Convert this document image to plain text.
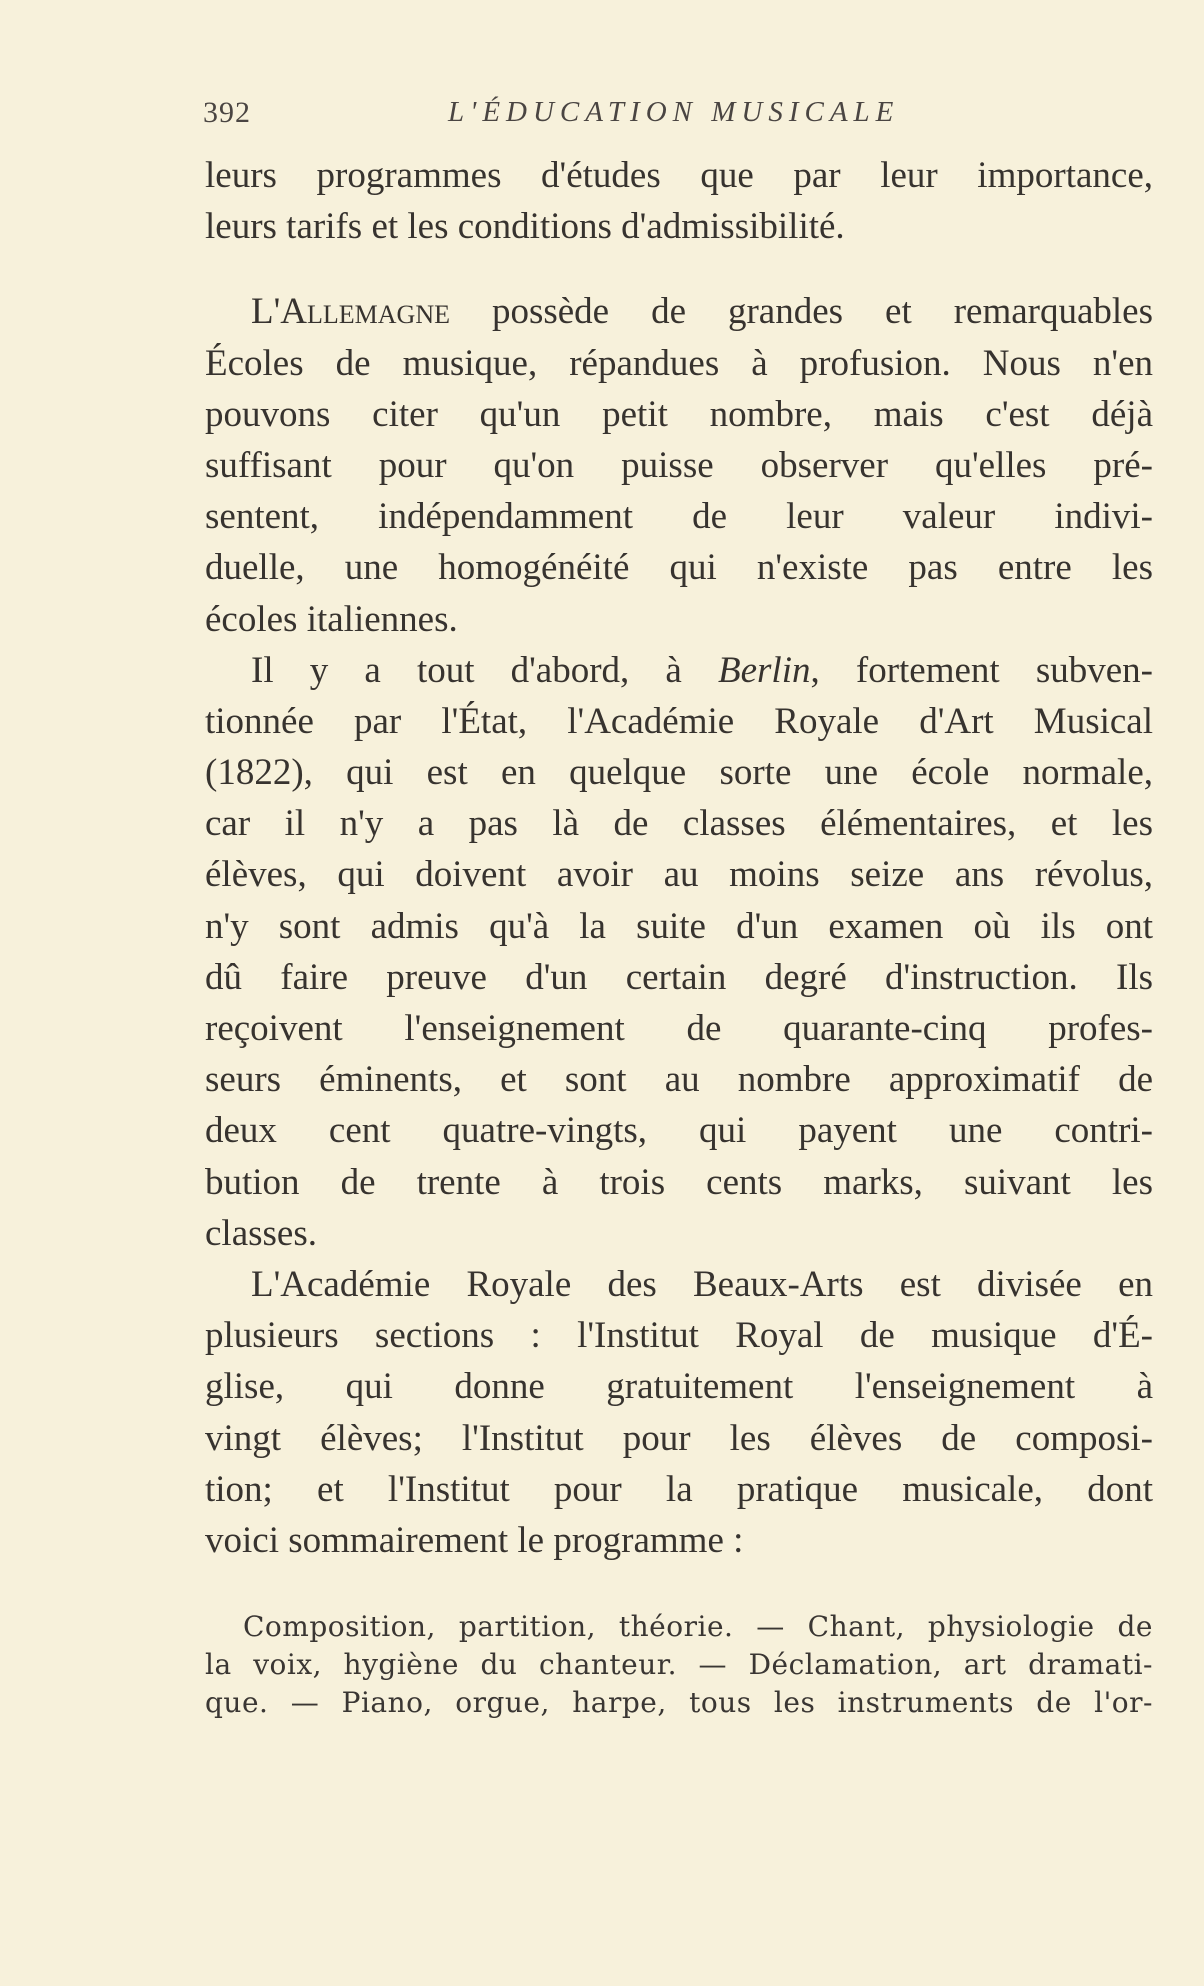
392	L'ÉDUCATION MUSICALE
leurs programmes d'études que par leur importance,
leurs tarifs et les conditions d'admissibilité.
L'Allemagne possède de grandes et remarquables
Écoles de musique, répandues à profusion. Nous n'en
pouvons citer qu'un petit nombre, mais c'est déjà
suffisant pour qu'on puisse observer qu'elles pré-
sentent, indépendamment de leur valeur indivi-
duelle, une homogénéité qui n'existe pas entre les
écoles italiennes.
Il y a tout d'abord, à Berlin, fortement subven-
tionnée par l'État, l'Académie Royale d'Art Musical
(1822), qui est en quelque sorte une école normale,
car il n'y a pas là de classes élémentaires, et les
élèves, qui doivent avoir au moins seize ans révolus,
n'y sont admis qu'à la suite d'un examen où ils ont
dû faire preuve d'un certain degré d'instruction. Ils
reçoivent l'enseignement de quarante-cinq profes-
seurs éminents, et sont au nombre approximatif de
deux cent quatre-vingts, qui payent une contri-
bution de trente à trois cents marks, suivant les
classes.
L'Académie Royale des Beaux-Arts est divisée en
plusieurs sections : l'Institut Royal de musique d'É-
glise, qui donne gratuitement l'enseignement à
vingt élèves; l'Institut pour les élèves de composi-
tion; et l'Institut pour la pratique musicale, dont
voici sommairement le programme :
Composition, partition, théorie. — Chant, physiologie de
la voix, hygiène du chanteur. — Déclamation, art dramati-
que. — Piano, orgue, harpe, tous les instruments de l'or-
